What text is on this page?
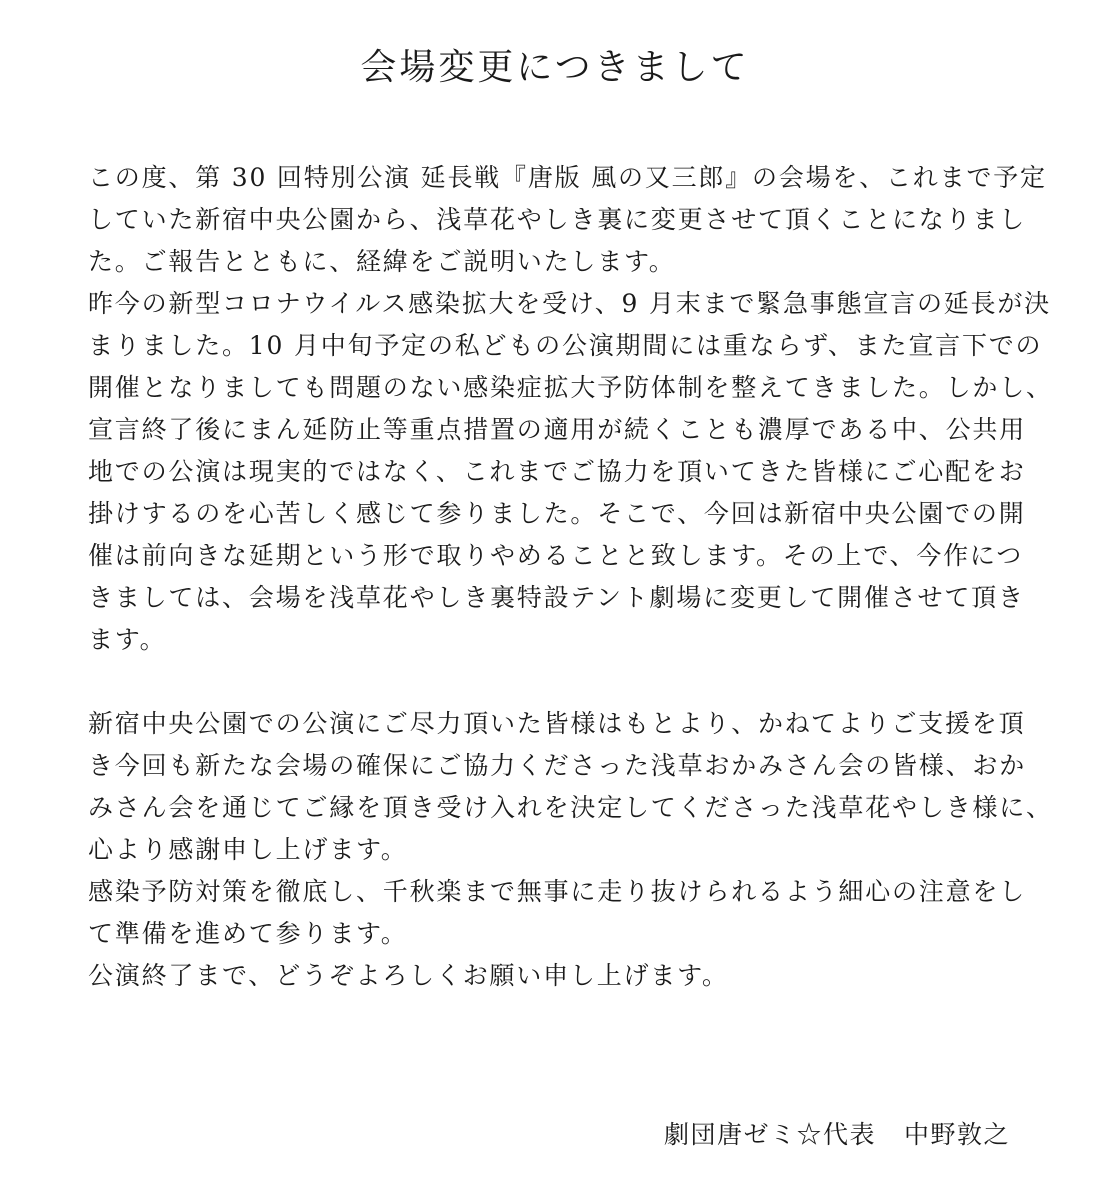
会場変更につきまして
この度、第 30 回特別公演 延長戦『唐版 風の又三郎』の会場を、これまで予定
していた新宿中央公園から、浅草花やしき裏に変更させて頂くことになりまし
た。ご報告とともに、経緯をご説明いたします。
昨今の新型コロナウイルス感染拡大を受け、9 月末まで緊急事態宣言の延長が決
まりました。10 月中旬予定の私どもの公演期間には重ならず、また宣言下での
開催となりましても問題のない感染症拡大予防体制を整えてきました。しかし、
宣言終了後にまん延防止等重点措置の適用が続くことも濃厚である中、公共用
地での公演は現実的ではなく、これまでご協力を頂いてきた皆様にご心配をお
掛けするのを心苦しく感じて参りました。そこで、今回は新宿中央公園での開
催は前向きな延期という形で取りやめることと致します。その上で、今作につ
きましては、会場を浅草花やしき裏特設テント劇場に変更して開催させて頂き
ます。
新宿中央公園での公演にご尽力頂いた皆様はもとより、かねてよりご支援を頂
き今回も新たな会場の確保にご協力くださった浅草おかみさん会の皆様、おか
みさん会を通じてご縁を頂き受け入れを決定してくださった浅草花やしき様に、
心より感謝申し上げます。
感染予防対策を徹底し、千秋楽まで無事に走り抜けられるよう細心の注意をし
て準備を進めて参ります。
公演終了まで、どうぞよろしくお願い申し上げます。
劇団唐ゼミ☆代表 中野敦之
